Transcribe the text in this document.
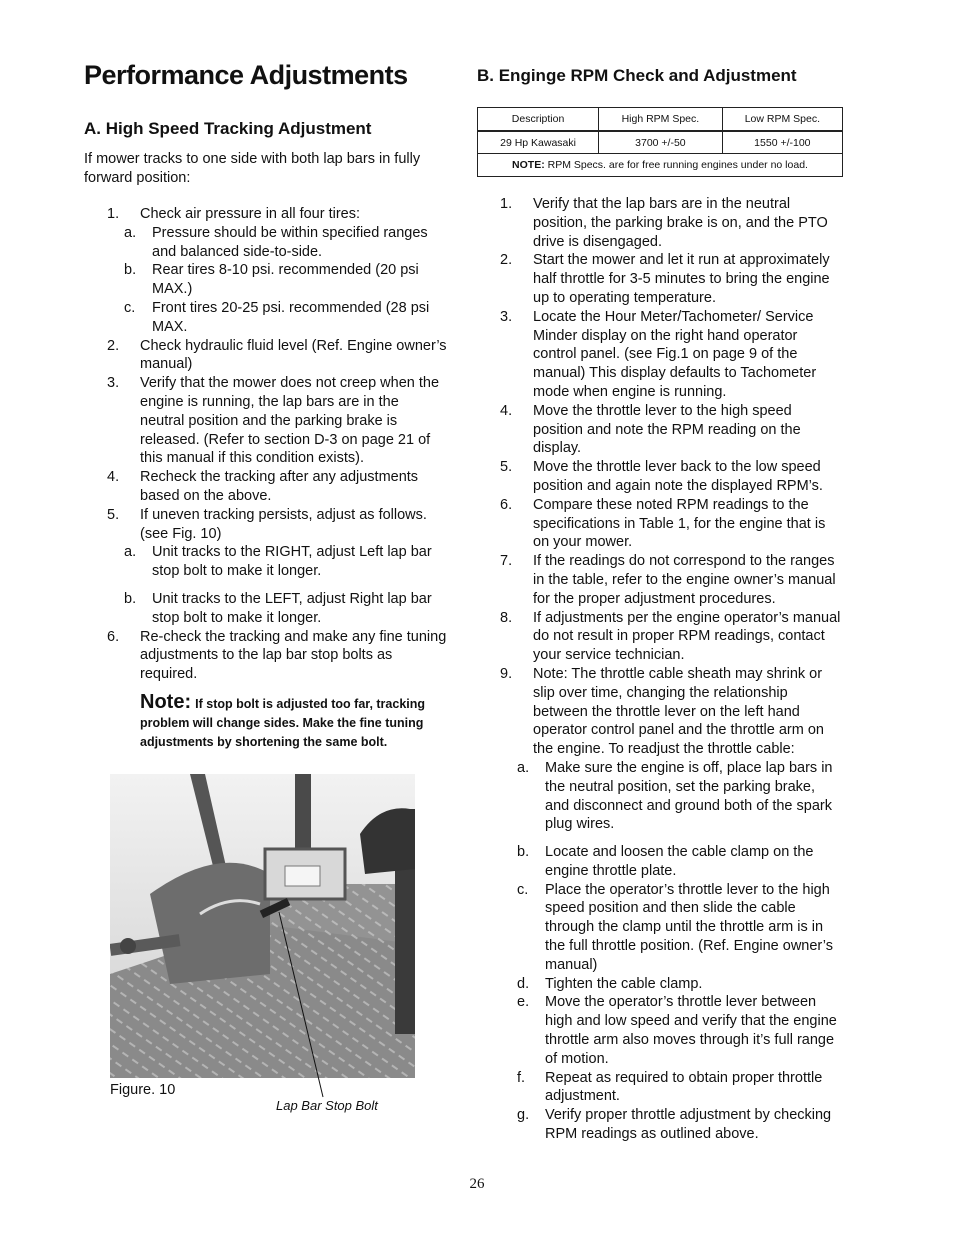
Performance Adjustments
A. High Speed Tracking Adjustment

If mower tracks to one side with both lap bars in fully forward position:

1.	Check air pressure in all four tires:
a.	Pressure should be within specified ranges and balanced side-to-side.
b.	Rear tires 8-10 psi. recommended (20 psi MAX.)
c.	Front tires 20-25 psi. recommended (28 psi MAX.
2.	Check hydraulic fluid level (Ref. Engine owner’s manual)
3.	Verify that the mower does not creep when the engine is running, the lap bars are in the neutral position and the parking brake is released. (Refer to section D-3 on page 21 of this manual if this condition exists).
4.	Recheck the tracking after any adjustments based on the above.
5.	If uneven tracking persists, adjust as follows. (see Fig. 10)
a.	Unit tracks to the RIGHT, adjust Left lap bar stop bolt to make it longer.
b.	Unit tracks to the LEFT, adjust Right lap bar stop bolt to make it longer.
6.	Re-check the tracking and make any fine tuning adjustments to the lap bar stop bolts as required.
Note: If stop bolt is adjusted too far, tracking problem will change sides. Make the fine tuning adjustments by shortening the same bolt.

Figure. 10

Lap Bar Stop Bolt

B. Enginge RPM Check and Adjustment
Description	High RPM Spec.	Low RPM Spec.
29 Hp Kawasaki	3700 +/-50	1550 +/-100
NOTE: RPM Specs. are for free running engines under no load.		
1.	Verify that the lap bars are in the neutral position, the parking brake is on, and the PTO drive is disengaged.
2.	Start the mower and let it run at approximately half throttle for 3-5 minutes to bring the engine up to operating temperature.
3.	Locate the Hour Meter/Tachometer/ Service Minder display on the right hand operator control panel. (see Fig.1 on page 9 of the manual) This display defaults to Tachometer mode when engine is running.
4.	Move the throttle lever to the high speed position and note the RPM reading on the display.
5.	Move the throttle lever back to the low speed position and again note the displayed RPM’s.
6.	Compare these noted RPM readings to the specifications in Table 1, for the engine that is on your mower.
7.	If the readings do not correspond to the ranges in the table, refer to the engine owner’s manual for the proper adjustment procedures.
8.	If adjustments per the engine operator’s manual do not result in proper RPM readings, contact your service technician.
9.	Note: The throttle cable sheath may shrink or slip over time, changing the relationship between the throttle lever on the left hand operator control panel and the throttle arm on the engine. To readjust the throttle cable:
a.	Make sure the engine is off, place lap bars in the neutral position, set the parking brake, and disconnect and ground both of the spark plug wires.
b.	Locate and loosen the cable clamp on the engine throttle plate.
c.	Place the operator’s throttle lever to the high speed position and then slide the cable through the clamp until the throttle arm is in the full throttle position. (Ref. Engine owner’s manual)
d.	Tighten the cable clamp.
e.	Move the operator’s throttle lever between high and low speed and verify that the engine throttle arm also moves through it’s full range of motion.
f.	Repeat as required to obtain proper throttle adjustment.
g.	Verify proper throttle adjustment by checking RPM readings as outlined above.
26
